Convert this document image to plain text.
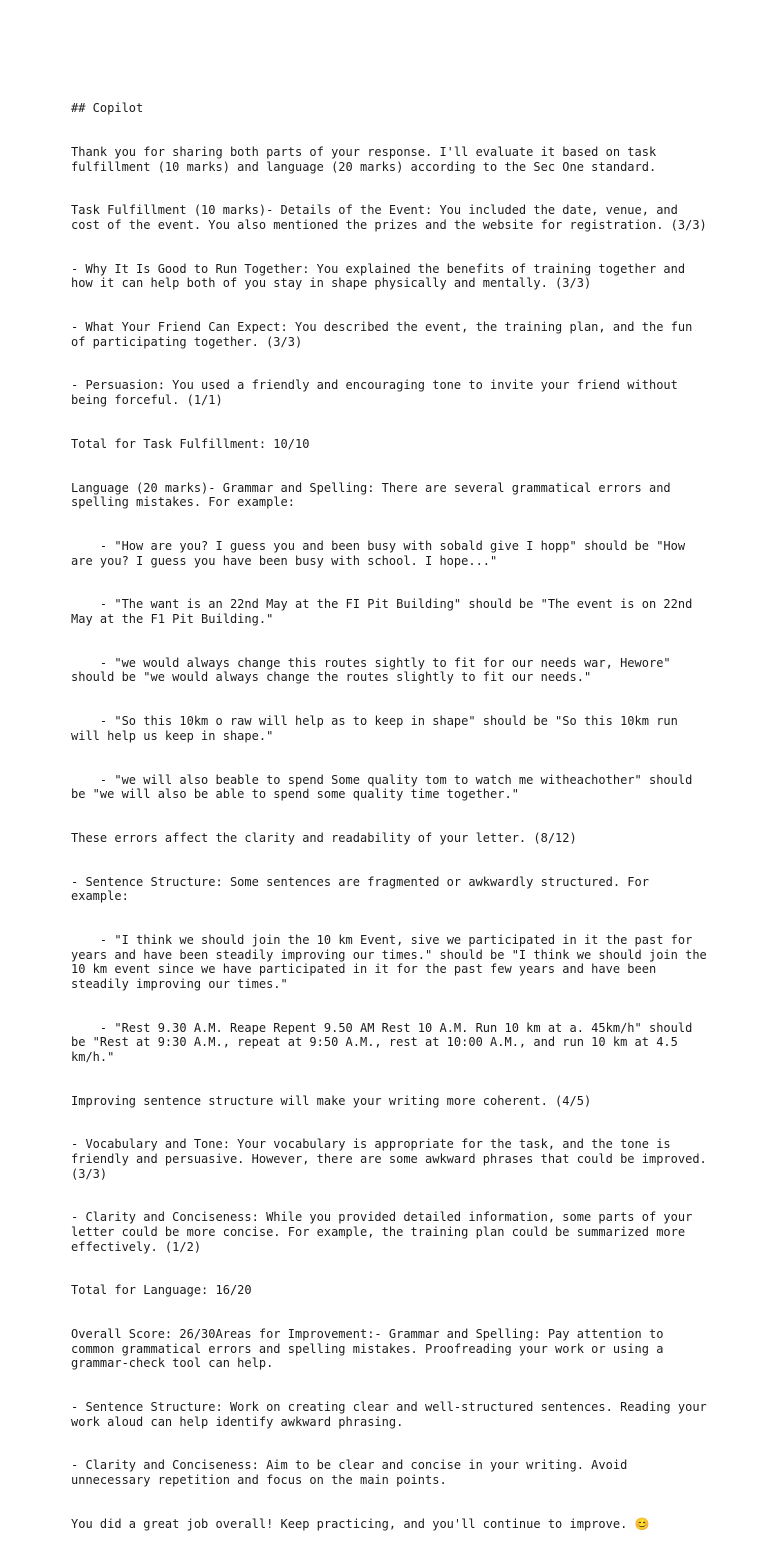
## Copilot

Thank you for sharing both parts of your response. I'll evaluate it based on task fulfillment (10 marks) and language (20 marks) according to the Sec One standard.

Task Fulfillment (10 marks)- Details of the Event: You included the date, venue, and cost of the event. You also mentioned the prizes and the website for registration. (3/3)

- Why It Is Good to Run Together: You explained the benefits of training together and how it can help both of you stay in shape physically and mentally. (3/3)

- What Your Friend Can Expect: You described the event, the training plan, and the fun of participating together. (3/3)

- Persuasion: You used a friendly and encouraging tone to invite your friend without being forceful. (1/1)

Total for Task Fulfillment: 10/10

Language (20 marks)- Grammar and Spelling: There are several grammatical errors and spelling mistakes. For example:

- "How are you? I guess you and been busy with sobald give I hopp" should be "How are you? I guess you have been busy with school. I hope..."

- "The want is an 22nd May at the FI Pit Building" should be "The event is on 22nd May at the F1 Pit Building."

- "we would always change this routes sightly to fit for our needs war, Hewore" should be "we would always change the routes slightly to fit our needs."

- "So this 10km o raw will help as to keep in shape" should be "So this 10km run will help us keep in shape."

- "we will also beable to spend Some quality tom to watch me witheachother" should be "we will also be able to spend some quality time together."

These errors affect the clarity and readability of your letter. (8/12)

- Sentence Structure: Some sentences are fragmented or awkwardly structured. For example:

- "I think we should join the 10 km Event, sive we participated in it the past for years and have been steadily improving our times." should be "I think we should join the 10 km event since we have participated in it for the past few years and have been steadily improving our times."

- "Rest 9.30 A.M. Reape Repent 9.50 AM Rest 10 A.M. Run 10 km at a. 45km/h" should be "Rest at 9:30 A.M., repeat at 9:50 A.M., rest at 10:00 A.M., and run 10 km at 4.5 km/h."

Improving sentence structure will make your writing more coherent. (4/5)

- Vocabulary and Tone: Your vocabulary is appropriate for the task, and the tone is friendly and persuasive. However, there are some awkward phrases that could be improved. (3/3)

- Clarity and Conciseness: While you provided detailed information, some parts of your letter could be more concise. For example, the training plan could be summarized more effectively. (1/2)

Total for Language: 16/20

Overall Score: 26/30Areas for Improvement:- Grammar and Spelling: Pay attention to common grammatical errors and spelling mistakes. Proofreading your work or using a grammar-check tool can help.

- Sentence Structure: Work on creating clear and well-structured sentences. Reading your work aloud can help identify awkward phrasing.

- Clarity and Conciseness: Aim to be clear and concise in your writing. Avoid unnecessary repetition and focus on the main points.

You did a great job overall! Keep practicing, and you'll continue to improve. 😊
